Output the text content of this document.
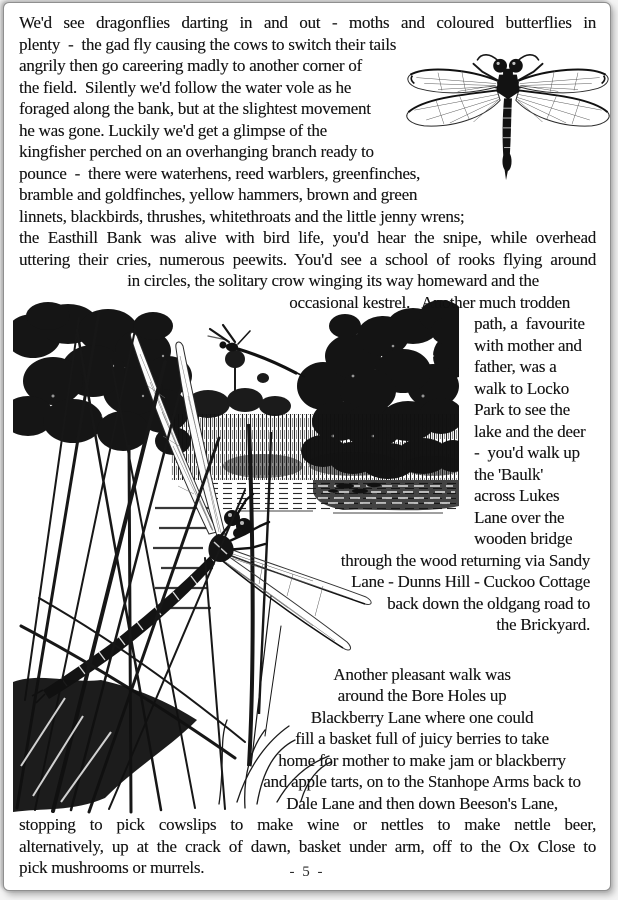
We'd see dragonflies darting in and out - moths and coloured butterflies in
plenty  -  the gad fly causing the cows to switch their tails
angrily then go careering madly to another corner of
the field.  Silently we'd follow the water vole as he
foraged along the bank, but at the slightest movement
he was gone. Luckily we'd get a glimpse of the
kingfisher perched on an overhanging branch ready to
pounce  -  there were waterhens, reed warblers, greenfinches,
bramble and goldfinches, yellow hammers, brown and green
linnets, blackbirds, thrushes, whitethroats and the little jenny wrens;
the Easthill Bank was alive with bird life, you'd hear the snipe, while overhead
uttering their cries, numerous peewits. You'd see a school of rooks flying around
in circles, the solitary crow winging its way homeward and the
occasional kestrel.   Another much trodden
path, a  favourite
with mother and
father, was a
walk to Locko
Park to see the
lake and the deer
-  you'd walk up
the 'Baulk'
across Lukes
Lane over the
wooden bridge
through the wood returning via Sandy
Lane - Dunns Hill - Cuckoo Cottage
back down the oldgang road to
the Brickyard.
Another pleasant walk was
around the Bore Holes up
Blackberry Lane where one could
fill a basket full of juicy berries to take
home for mother to make jam or blackberry
and apple tarts, on to the Stanhope Arms back to
Dale Lane and then down Beeson's Lane,
stopping to pick cowslips to make wine or nettles to make nettle beer,
alternatively, up at the crack of dawn, basket under arm, off to the Ox Close to
pick mushrooms or murrels.	- 5 -
